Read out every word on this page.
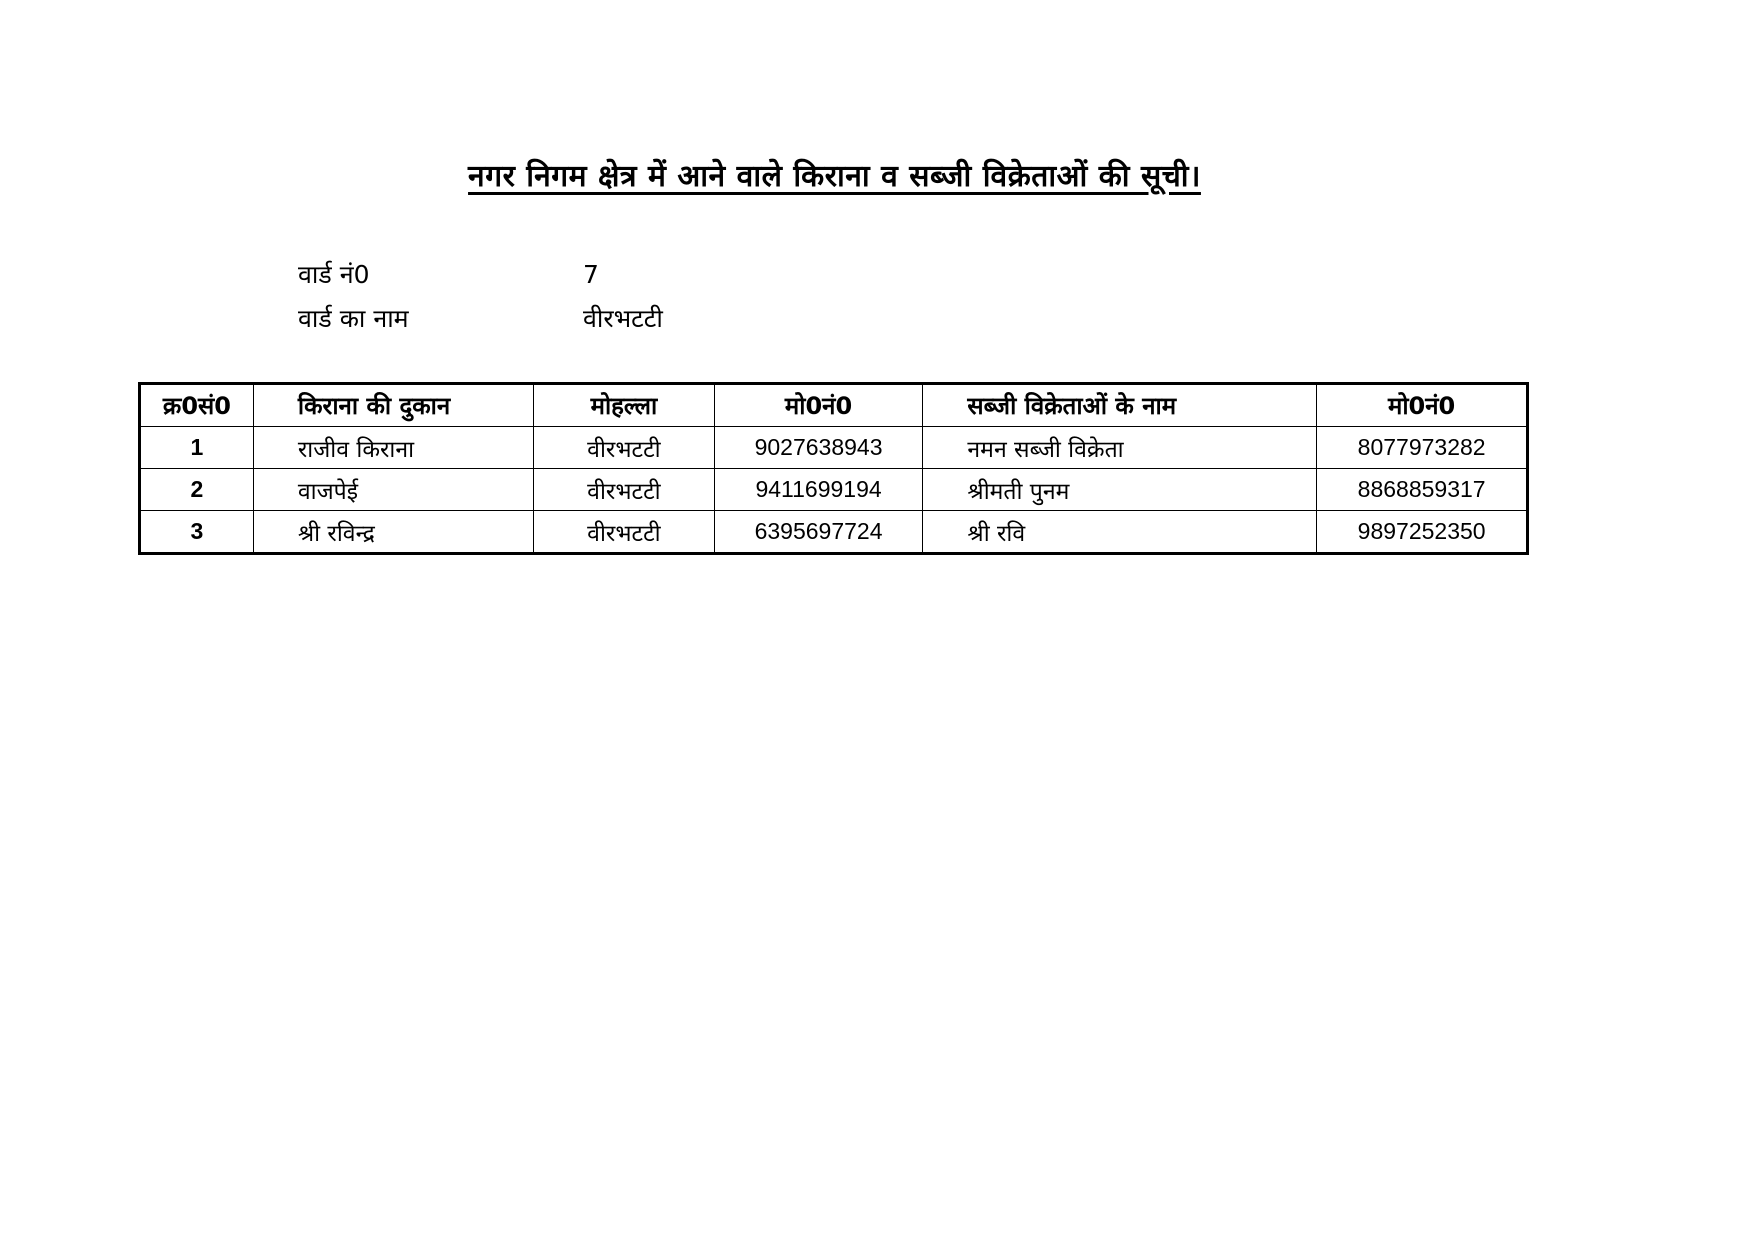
नगर निगम क्षेत्र में आने वाले किराना व सब्जी विक्रेताओं की सूची।
वार्ड नं0	7
वार्ड का नाम	वीरभटटी
क्र0सं0	किराना की दुकान	मोहल्ला	मो0नं0	सब्जी विक्रेताओं के नाम	मो0नं0
1	राजीव किराना	वीरभटटी	9027638943	नमन सब्जी विक्रेता	8077973282
2	वाजपेई	वीरभटटी	9411699194	श्रीमती पुनम	8868859317
3	श्री रविन्द्र	वीरभटटी	6395697724	श्री रवि	9897252350
